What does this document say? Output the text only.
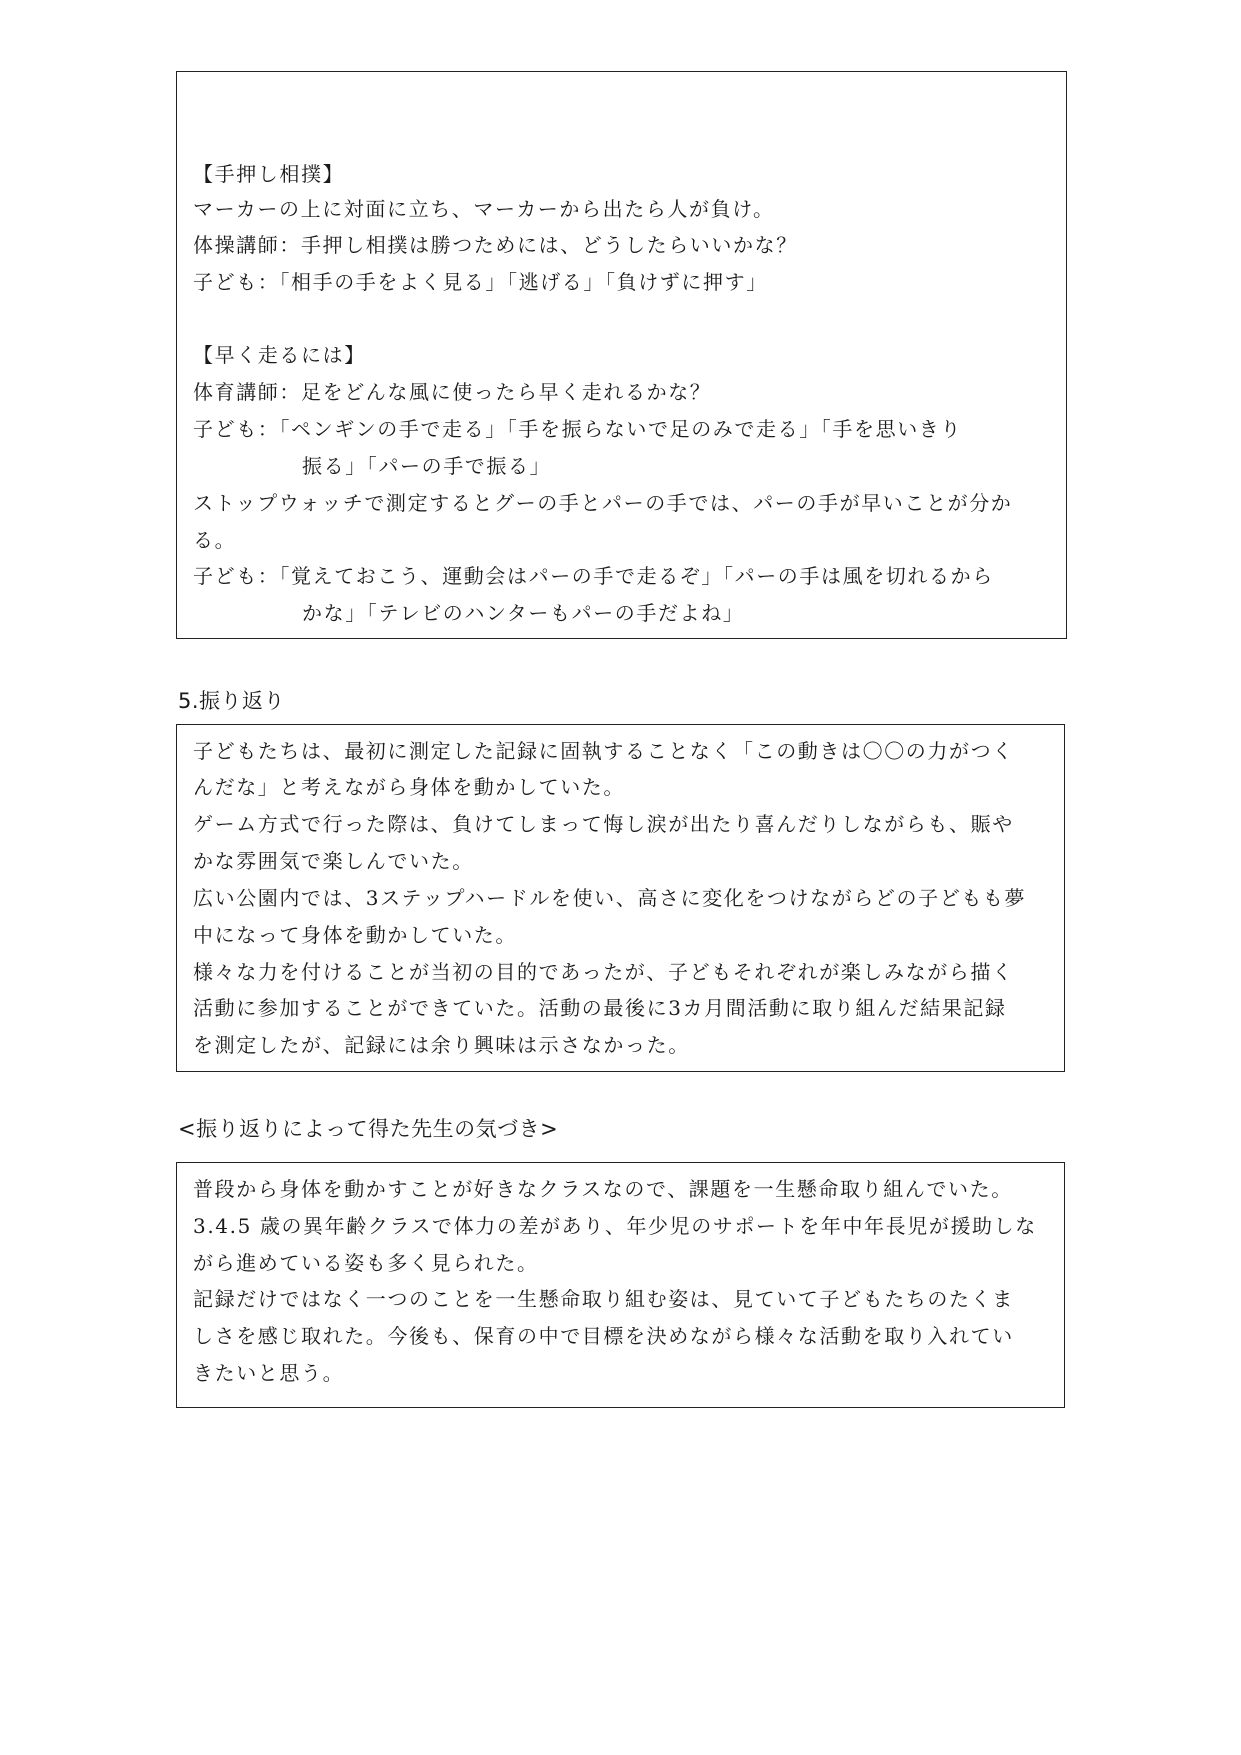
【手押し相撲】
マーカーの上に対面に立ち、マーカーから出たら人が負け。
体操講師：手押し相撲は勝つためには、どうしたらいいかな？
子ども：「相手の手をよく見る」「逃げる」「負けずに押す」
【早く走るには】
体育講師：足をどんな風に使ったら早く走れるかな？
子ども：「ペンギンの手で走る」「手を振らないで足のみで走る」「手を思いきり
振る」「パーの手で振る」
ストップウォッチで測定するとグーの手とパーの手では、パーの手が早いことが分か
る。
子ども：「覚えておこう、運動会はパーの手で走るぞ」「パーの手は風を切れるから
かな」「テレビのハンターもパーの手だよね」
5.振り返り
子どもたちは、最初に測定した記録に固執することなく「この動きは〇〇の力がつく
んだな」と考えながら身体を動かしていた。
ゲーム方式で行った際は、負けてしまって悔し涙が出たり喜んだりしながらも、賑や
かな雰囲気で楽しんでいた。
広い公園内では、3ステップハードルを使い、高さに変化をつけながらどの子どもも夢
中になって身体を動かしていた。
様々な力を付けることが当初の目的であったが、子どもそれぞれが楽しみながら描く
活動に参加することができていた。活動の最後に3カ月間活動に取り組んだ結果記録
を測定したが、記録には余り興味は示さなかった。
<振り返りによって得た先生の気づき>
普段から身体を動かすことが好きなクラスなので、課題を一生懸命取り組んでいた。
3.4.5 歳の異年齢クラスで体力の差があり、年少児のサポートを年中年長児が援助しな
がら進めている姿も多く見られた。
記録だけではなく一つのことを一生懸命取り組む姿は、見ていて子どもたちのたくま
しさを感じ取れた。今後も、保育の中で目標を決めながら様々な活動を取り入れてい
きたいと思う。
